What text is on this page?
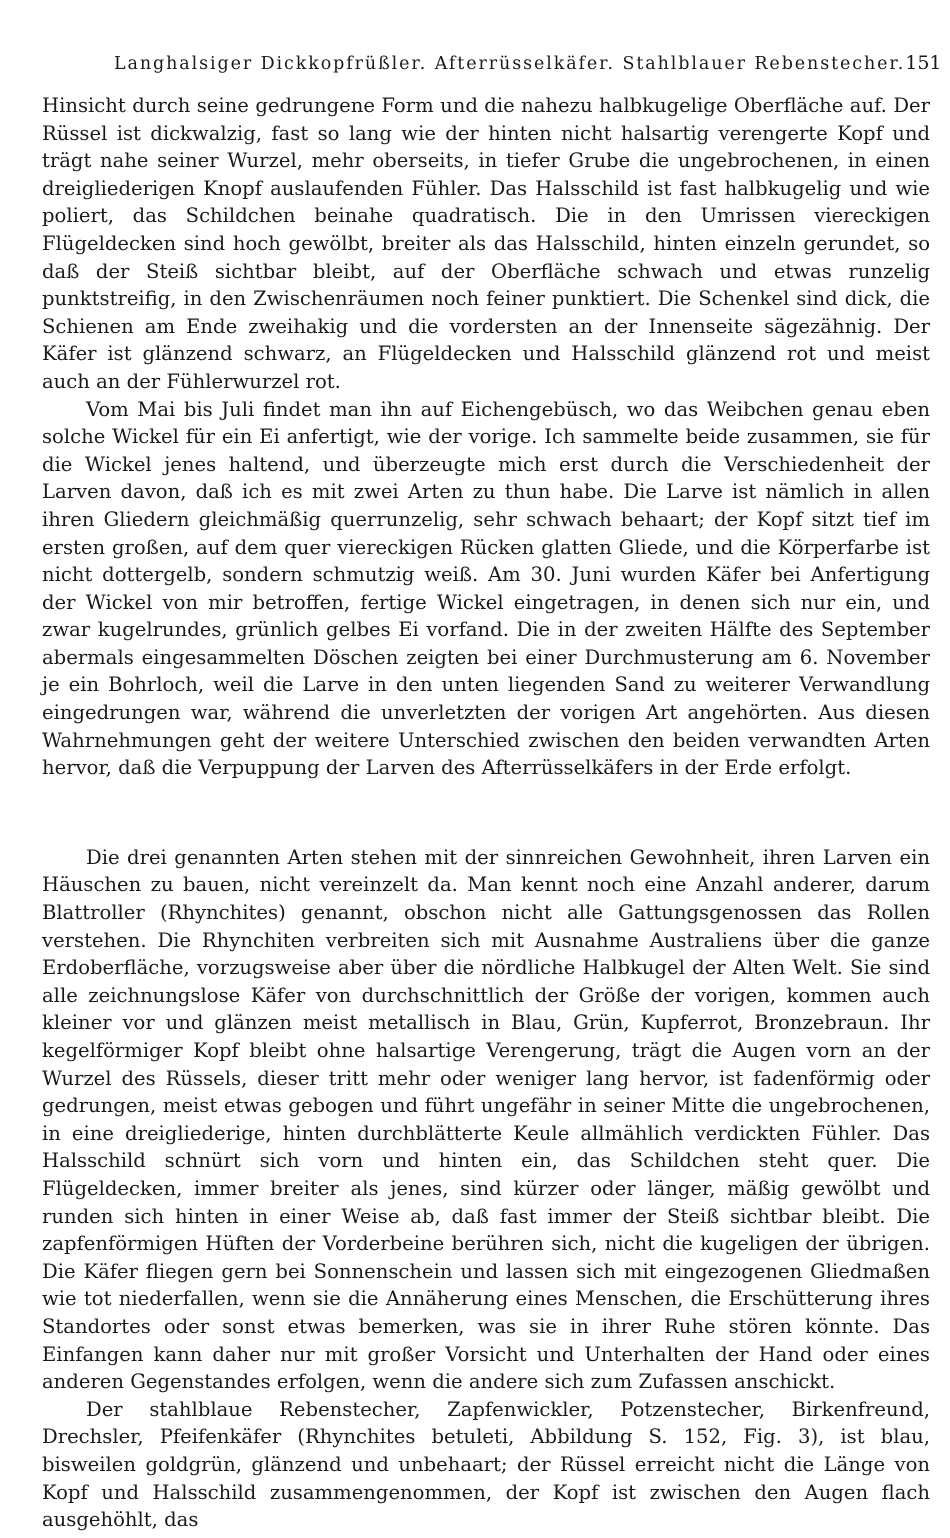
Langhalsiger Dickkopfrüßler. Afterrüsselkäfer. Stahlblauer Rebenstecher. 151

Hinsicht durch seine gedrungene Form und die nahezu halbkugelige Oberfläche auf. Der Rüssel ist dickwalzig, fast so lang wie der hinten nicht halsartig verengerte Kopf und trägt nahe seiner Wurzel, mehr oberseits, in tiefer Grube die ungebrochenen, in einen dreigliederigen Knopf auslaufenden Fühler. Das Halsschild ist fast halbkugelig und wie poliert, das Schildchen beinahe quadratisch. Die in den Umrissen viereckigen Flügeldecken sind hoch gewölbt, breiter als das Halsschild, hinten einzeln gerundet, so daß der Steiß sichtbar bleibt, auf der Oberfläche schwach und etwas runzelig punktstreifig, in den Zwischenräumen noch feiner punktiert. Die Schenkel sind dick, die Schienen am Ende zweihakig und die vordersten an der Innenseite sägezähnig. Der Käfer ist glänzend schwarz, an Flügeldecken und Halsschild glänzend rot und meist auch an der Fühlerwurzel rot.

Vom Mai bis Juli findet man ihn auf Eichengebüsch, wo das Weibchen genau eben solche Wickel für ein Ei anfertigt, wie der vorige. Ich sammelte beide zusammen, sie für die Wickel jenes haltend, und überzeugte mich erst durch die Verschiedenheit der Larven davon, daß ich es mit zwei Arten zu thun habe. Die Larve ist nämlich in allen ihren Gliedern gleichmäßig querrunzelig, sehr schwach behaart; der Kopf sitzt tief im ersten großen, auf dem quer viereckigen Rücken glatten Gliede, und die Körperfarbe ist nicht dottergelb, sondern schmutzig weiß. Am 30. Juni wurden Käfer bei Anfertigung der Wickel von mir betroffen, fertige Wickel eingetragen, in denen sich nur ein, und zwar kugelrundes, grünlich gelbes Ei vorfand. Die in der zweiten Hälfte des September abermals eingesammelten Döschen zeigten bei einer Durchmusterung am 6. November je ein Bohrloch, weil die Larve in den unten liegenden Sand zu weiterer Verwandlung eingedrungen war, während die unverletzten der vorigen Art angehörten. Aus diesen Wahrnehmungen geht der weitere Unterschied zwischen den beiden verwandten Arten hervor, daß die Verpuppung der Larven des Afterrüsselkäfers in der Erde erfolgt.

Die drei genannten Arten stehen mit der sinnreichen Gewohnheit, ihren Larven ein Häuschen zu bauen, nicht vereinzelt da. Man kennt noch eine Anzahl anderer, darum Blattroller (Rhynchites) genannt, obschon nicht alle Gattungsgenossen das Rollen verstehen. Die Rhynchiten verbreiten sich mit Ausnahme Australiens über die ganze Erdoberfläche, vorzugsweise aber über die nördliche Halbkugel der Alten Welt. Sie sind alle zeichnungslose Käfer von durchschnittlich der Größe der vorigen, kommen auch kleiner vor und glänzen meist metallisch in Blau, Grün, Kupferrot, Bronzebraun. Ihr kegelförmiger Kopf bleibt ohne halsartige Verengerung, trägt die Augen vorn an der Wurzel des Rüssels, dieser tritt mehr oder weniger lang hervor, ist fadenförmig oder gedrungen, meist etwas gebogen und führt ungefähr in seiner Mitte die ungebrochenen, in eine dreigliederige, hinten durchblätterte Keule allmählich verdickten Fühler. Das Halsschild schnürt sich vorn und hinten ein, das Schildchen steht quer. Die Flügeldecken, immer breiter als jenes, sind kürzer oder länger, mäßig gewölbt und runden sich hinten in einer Weise ab, daß fast immer der Steiß sichtbar bleibt. Die zapfenförmigen Hüften der Vorderbeine berühren sich, nicht die kugeligen der übrigen. Die Käfer fliegen gern bei Sonnenschein und lassen sich mit eingezogenen Gliedmaßen wie tot niederfallen, wenn sie die Annäherung eines Menschen, die Erschütterung ihres Standortes oder sonst etwas bemerken, was sie in ihrer Ruhe stören könnte. Das Einfangen kann daher nur mit großer Vorsicht und Unterhalten der Hand oder eines anderen Gegenstandes erfolgen, wenn die andere sich zum Zufassen anschickt.

Der stahlblaue Rebenstecher, Zapfenwickler, Potzenstecher, Birkenfreund, Drechsler, Pfeifenkäfer (Rhynchites betuleti, Abbildung S. 152, Fig. 3), ist blau, bisweilen goldgrün, glänzend und unbehaart; der Rüssel erreicht nicht die Länge von Kopf und Halsschild zusammengenommen, der Kopf ist zwischen den Augen flach ausgehöhlt, das
